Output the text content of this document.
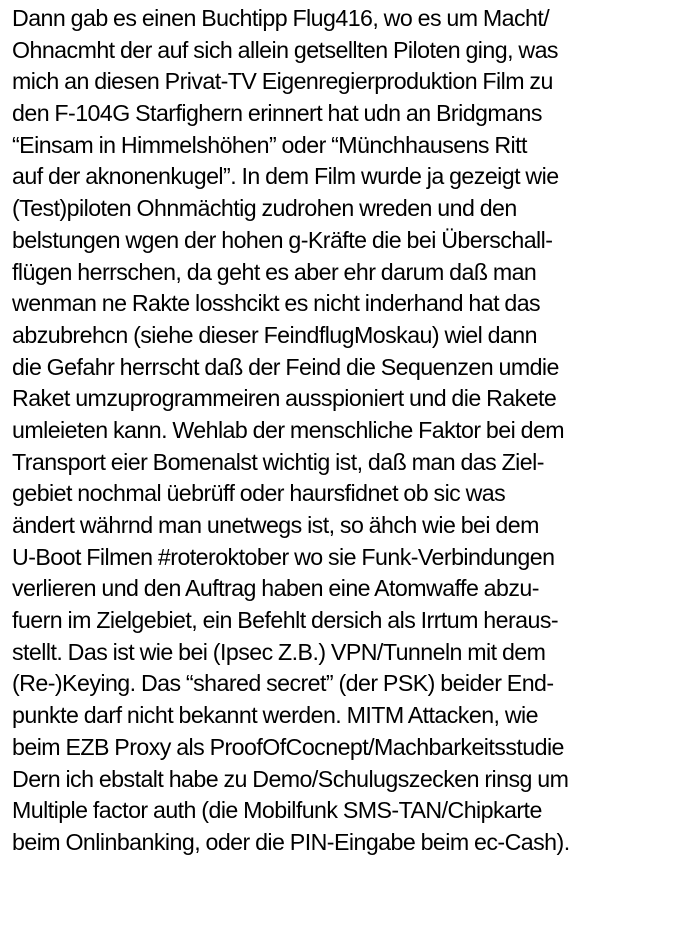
Dann gab es einen Buchtipp Flug416, wo es um Macht/
Ohnacmht der auf sich allein getsellten Piloten ging, was
mich an diesen Privat-TV Eigenregierproduktion Film zu
den F-104G Starfighern erinnert hat udn an Bridgmans
“Einsam in Himmelshöhen” oder “Münchhausens Ritt
auf der aknonenkugel”. In dem Film wurde ja gezeigt wie
(Test)piloten Ohnmächtig zudrohen wreden und den
belstungen wgen der hohen g-Kräfte die bei Überschall-
flügen herrschen, da geht es aber ehr darum daß man
wenman ne Rakte losshcikt es nicht inderhand hat das
abzubrehcn (siehe dieser FeindflugMoskau) wiel dann
die Gefahr herrscht daß der Feind die Sequenzen umdie
Raket umzuprogrammeiren ausspioniert und die Rakete
umleieten kann. Wehlab der menschliche Faktor bei dem
Transport eier Bomenalst wichtig ist, daß man das Ziel-
gebiet nochmal üebrüff oder haursfidnet ob sic was
ändert währnd man unetwegs ist, so ähch wie bei dem
U-Boot Filmen #roteroktober wo sie Funk-Verbindungen
verlieren und den Auftrag haben eine Atomwaffe abzu-
fuern im Zielgebiet, ein Befehlt dersich als Irrtum heraus-
stellt. Das ist wie bei (Ipsec Z.B.) VPN/Tunneln mit dem
(Re-)Keying. Das “shared secret” (der PSK) beider End-
punkte darf nicht bekannt werden. MITM Attacken, wie
beim EZB Proxy als ProofOfCocnept/Machbarkeitsstudie
Dern ich ebstalt habe zu Demo/Schulugszecken rinsg um
Multiple factor auth (die Mobilfunk SMS-TAN/Chipkarte
beim Onlinbanking, oder die PIN-Eingabe beim ec-Cash).
